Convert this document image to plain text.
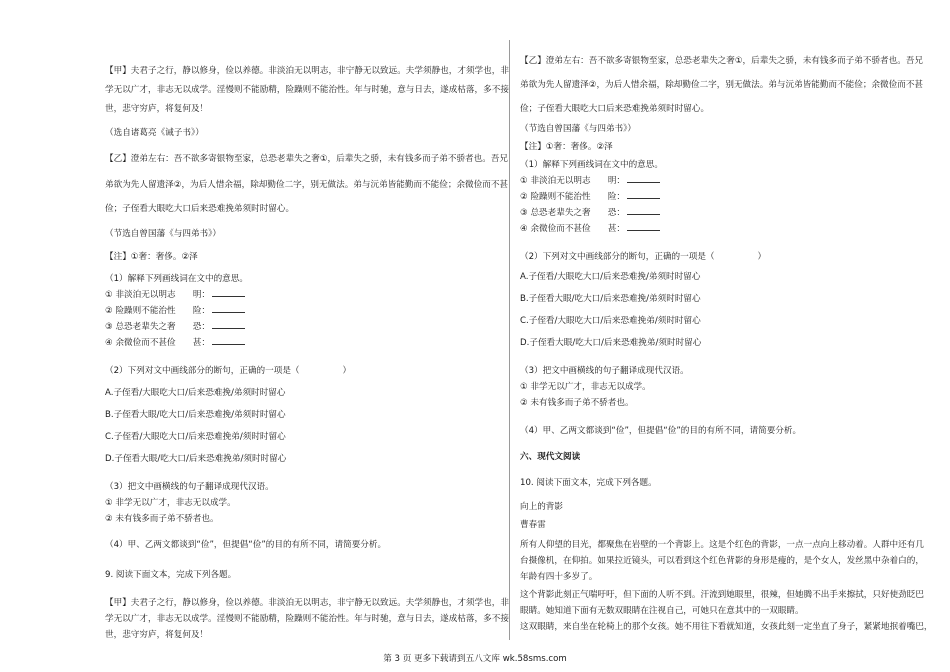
【甲】夫君子之行，静以修身，俭以养德。非淡泊无以明志，非宁静无以致远。夫学须静也，才须学也，非
学无以广才，非志无以成学。淫慢则不能励精，险躁则不能治性。年与时驰，意与日去，遂成枯落，多不接
世，悲守穷庐，将复何及！
（选自诸葛亮《诫子书》）
【乙】澄弟左右：吾不欲多寄银物至家，总恐老辈失之奢①，后辈失之骄，未有钱多而子弟不骄者也。吾兄
弟欲为先人留遗泽②，为后人惜余福，除却勤俭二字，别无做法。弟与沅弟皆能勤而不能俭；余微俭而不甚
俭；子侄看大眼吃大口后来恐难挽弟须时时留心。
（节选自曾国藩《与四弟书》）
【注】①奢：奢侈。②泽
（1）解释下列画线词在文中的意思。
① 非淡泊无以明志　　 明：
② 险躁则不能治性　　 险：
③ 总恐老辈失之奢　　 恐：
④ 余微俭而不甚俭　　 甚：
（2）下列对文中画线部分的断句，正确的一项是（　　　　　）
A.子侄看/大眼吃大口/后来恐难挽/弟须时时留心
B.子侄看大眼/吃大口/后来恐难挽/弟须时时留心
C.子侄看/大眼吃大口/后来恐难挽弟/须时时留心
D.子侄看大眼/吃大口/后来恐难挽弟/须时时留心
（3）把文中画横线的句子翻译成现代汉语。
① 非学无以广才，非志无以成学。
② 未有钱多而子弟不骄者也。
（4）甲、乙两文都谈到“俭”，但提倡“俭”的目的有所不同，请简要分析。
9. 阅读下面文本，完成下列各题。
【甲】夫君子之行，静以修身，俭以养德。非淡泊无以明志，非宁静无以致远。夫学须静也，才须学也，非
学无以广才，非志无以成学。淫慢则不能励精，险躁则不能治性。年与时驰，意与日去，遂成枯落，多不接
世，悲守穷庐，将复何及！
【乙】澄弟左右：吾不欲多寄银物至家，总恐老辈失之奢①，后辈失之骄，未有钱多而子弟不骄者也。吾兄
弟欲为先人留遗泽②，为后人惜余福，除却勤俭二字，别无做法。弟与沅弟皆能勤而不能俭；余微俭而不甚
俭；子侄看大眼吃大口后来恐难挽弟须时时留心。
（节选自曾国藩《与四弟书》）
【注】①奢：奢侈。②泽
（1）解释下列画线词在文中的意思。
① 非淡泊无以明志　　 明：
② 险躁则不能治性　　 险：
③ 总恐老辈失之奢　　 恐：
④ 余微俭而不甚俭　　 甚：
（2）下列对文中画线部分的断句，正确的一项是（　　　　　）
A.子侄看/大眼吃大口/后来恐难挽/弟须时时留心
B.子侄看大眼/吃大口/后来恐难挽/弟须时时留心
C.子侄看/大眼吃大口/后来恐难挽弟/须时时留心
D.子侄看大眼/吃大口/后来恐难挽弟/须时时留心
（3）把文中画横线的句子翻译成现代汉语。
① 非学无以广才，非志无以成学。
② 未有钱多而子弟不骄者也。
（4）甲、乙两文都谈到“俭”，但提倡“俭”的目的有所不同，请简要分析。
六、现代文阅读
10. 阅读下面文本，完成下列各题。
向上的背影
曹春雷
所有人仰望的目光，都聚焦在岩壁的一个背影上。这是个红色的背影，一点一点向上移动着。人群中还有几
台摄像机，在仰拍。如果拉近镜头，可以看到这个红色背影的身形是瘦的，是个女人，发丝黑中杂着白的，
年龄有四十多岁了。
这个背影此刻正气喘吁吁，但下面的人听不到。汗流到她眼里，很辣，但她腾不出手来擦拭，只好使劲眨巴
眼睛。她知道下面有无数双眼睛在注视自己，可她只在意其中的一双眼睛。
这双眼睛，来自坐在轮椅上的那个女孩。她不用往下看就知道，女孩此刻一定坐直了身子，紧紧地抿着嘴巴，
第 3 页 更多下载请到五八文库 wk.58sms.com
